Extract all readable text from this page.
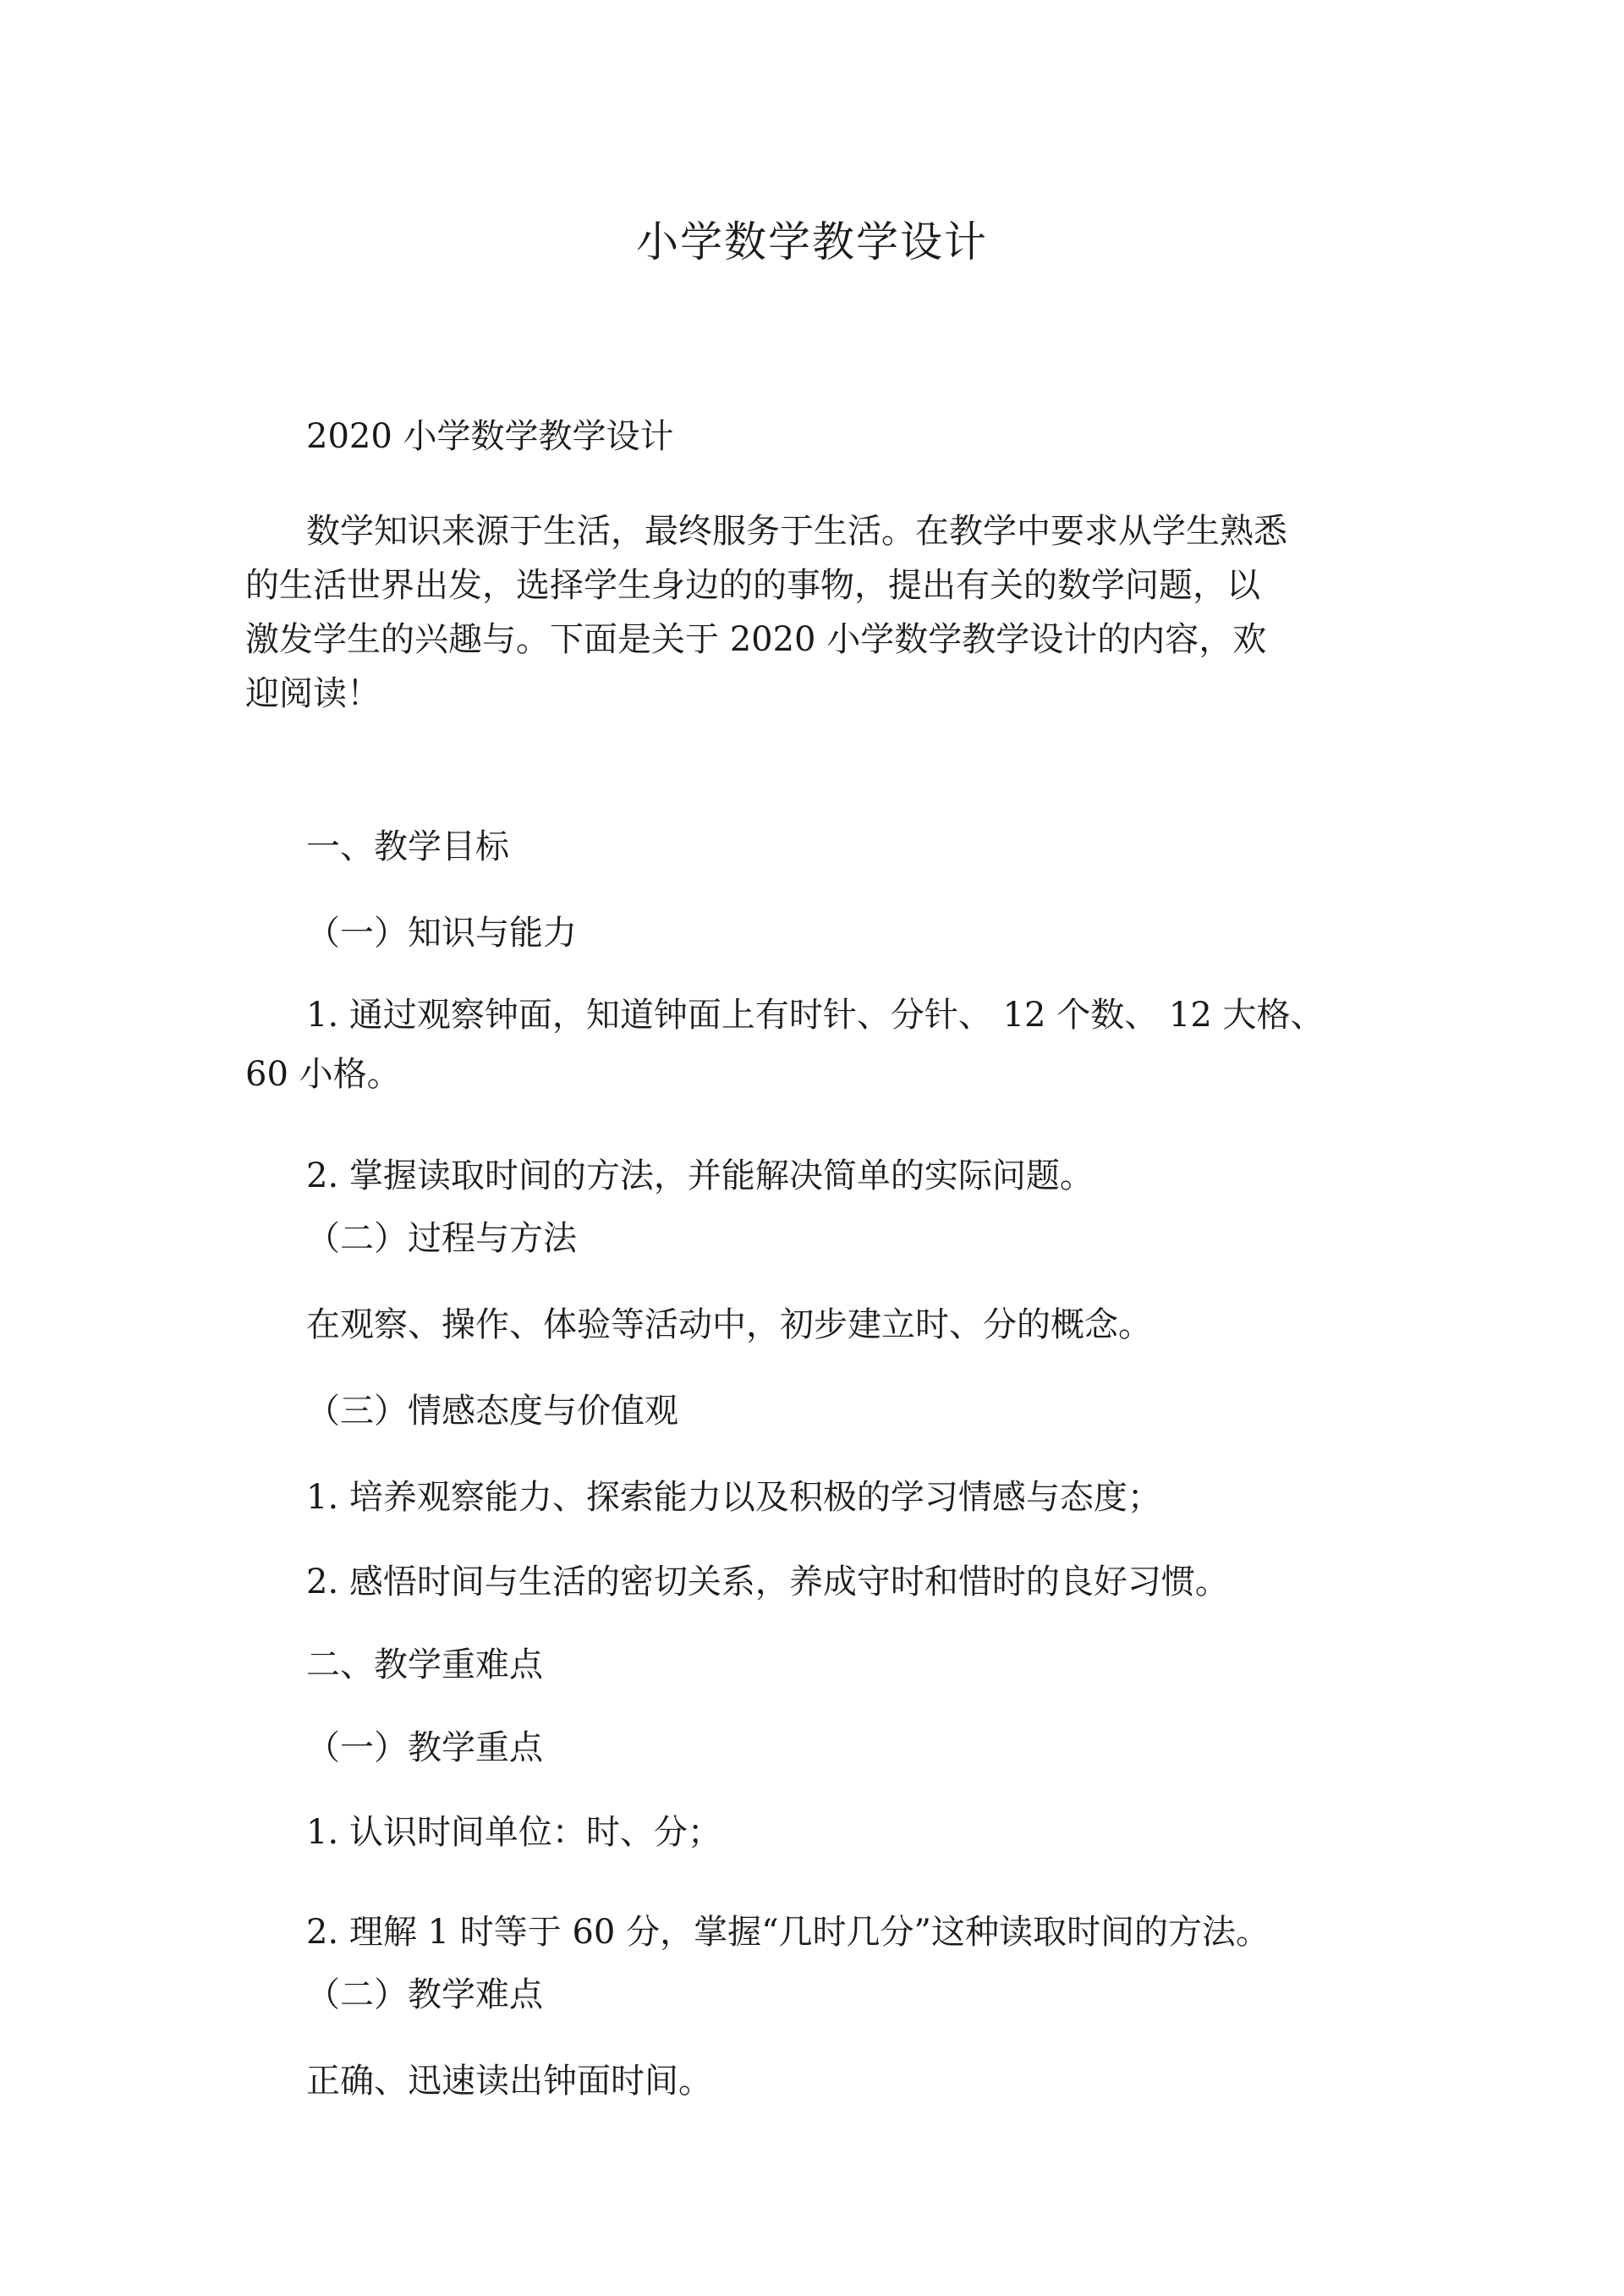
小学数学教学设计
2020 小学数学教学设计
数学知识来源于生活，最终服务于生活。在教学中要求从学生熟悉
的生活世界出发，选择学生身边的的事物，提出有关的数学问题，以
激发学生的兴趣与。下面是关于 2020 小学数学教学设计的内容，欢
迎阅读！
一、教学目标
（一）知识与能力
1. 通过观察钟面，知道钟面上有时针、分针、 12 个数、 12 大格、
60 小格。
2. 掌握读取时间的方法，并能解决简单的实际问题。
（二）过程与方法
在观察、操作、体验等活动中，初步建立时、分的概念。
（三）情感态度与价值观
1. 培养观察能力、探索能力以及积极的学习情感与态度；
2. 感悟时间与生活的密切关系，养成守时和惜时的良好习惯。
二、教学重难点
（一）教学重点
1. 认识时间单位：时、分；
2. 理解 1 时等于 60 分，掌握“几时几分”这种读取时间的方法。
（二）教学难点
正确、迅速读出钟面时间。
